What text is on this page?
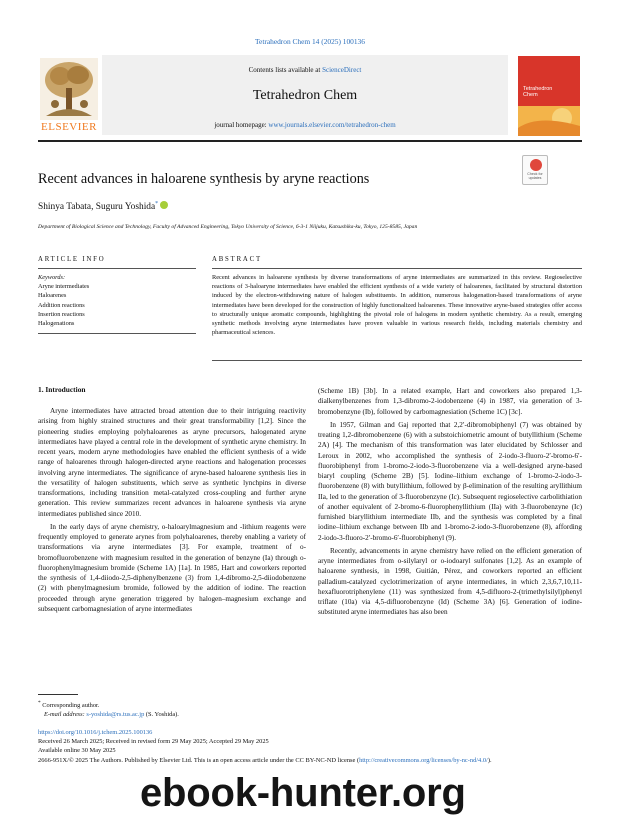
Tetrahedron Chem 14 (2025) 100136
Contents lists available at ScienceDirect
Tetrahedron Chem
journal homepage: www.journals.elsevier.com/tetrahedron-chem
ELSEVIER
Tetrahedron
Chem
Recent advances in haloarene synthesis by aryne reactions	Check for
updates
Shinya Tabata, Suguru Yoshida*
Department of Biological Science and Technology, Faculty of Advanced Engineering, Tokyo University of Science, 6-3-1 Niijuku, Katsushika-ku, Tokyo, 125-8585, Japan
ARTICLE INFO	ABSTRACT
Keywords:
Aryne intermediates
Haloarenes
Addition reactions
Insertion reactions
Halogenations
Recent advances in haloarene synthesis by diverse transformations of aryne intermediates are summarized in this review. Regioselective reactions of 3-haloaryne intermediates have enabled the efficient synthesis of a wide variety of haloarenes, facilitated by structural distortion induced by the electron-withdrawing nature of halogen substituents. In addition, numerous halogenation-based transformations of aryne intermediates have been developed for the construction of highly functionalized haloarenes. These innovative aryne-based strategies offer access to structurally unique aromatic compounds, highlighting the pivotal role of halogens in modern synthetic chemistry. As a result, emerging synthetic methods involving aryne intermediates have proven valuable in various research fields, including materials chemistry and pharmaceutical sciences.
1. Introduction

Aryne intermediates have attracted broad attention due to their intriguing reactivity arising from highly strained structures and their great transformability [1,2]. Since the pioneering studies employing polyhaloarenes as aryne precursors, halogenated aryne intermediates have played a central role in the development of synthetic aryne chemistry. In recent years, modern aryne methodologies have enabled the efficient synthesis of a wide range of haloarenes through halogen-directed aryne reactions and halogenation processes involving aryne intermediates. The significance of aryne-based haloarene synthesis lies in the versatility of halogen substituents, which serve as synthetic lynchpins in diverse transformations, including transition metal-catalyzed cross-coupling and further aryne generation. This review summarizes recent advances in haloarene synthesis via aryne intermediates published since 2010.

In the early days of aryne chemistry, o-haloarylmagnesium and -lithium reagents were frequently employed to generate arynes from polyhaloarenes, thereby enabling a variety of transformations via aryne intermediates [3]. For example, treatment of o-bromofluorobenzene with magnesium resulted in the generation of benzyne (Ia) through o-fluorophenylmagnesium bromide (Scheme 1A) [1a]. In 1985, Hart and coworkers reported the synthesis of 1,4-diiodo-2,5-diphenylbenzene (3) from 1,4-dibromo-2,5-diiodobenzene (2) with phenylmagnesium bromide, followed by the addition of iodine. The reaction proceeded through aryne generation triggered by halogen–magnesium exchange and subsequent carbomagnesiation of aryne intermediates

(Scheme 1B) [3b]. In a related example, Hart and coworkers also prepared 1,3-dialkenylbenzenes from 1,3-dibromo-2-iodobenzene (4) in 1987, via generation of 3-bromobenzyne (Ib), followed by carbomagnesiation (Scheme 1C) [3c].

In 1957, Gilman and Gaj reported that 2,2′-dibromobiphenyl (7) was obtained by treating 1,2-dibromobenzene (6) with a substoichiometric amount of butyllithium (Scheme 2A) [4]. The mechanism of this transformation was later elucidated by Schlosser and Leroux in 2002, who accomplished the synthesis of 2-iodo-3-fluoro-2′-bromo-6′-fluorobiphenyl from 1-bromo-2-iodo-3-fluorobenzene via a well-designed aryne-based biaryl coupling (Scheme 2B) [5]. Iodine–lithium exchange of 1-bromo-2-iodo-3-fluorobenzene (8) with butyllithium, followed by β-elimination of the resulting aryllithium IIa, led to the generation of 3-fluorobenzyne (Ic). Subsequent regioselective carbolithiation of another equivalent of 2-bromo-6-fluorophenyllithium (IIa) with 3-fluorobenzyne (Ic) furnished biaryllithium intermediate IIb, and the synthesis was completed by a final iodine–lithium exchange between IIb and 1-bromo-2-iodo-3-fluorobenzene (8), affording 2-iodo-3-fluoro-2′-bromo-6′-fluorobiphenyl (9).

Recently, advancements in aryne chemistry have relied on the efficient generation of aryne intermediates from o-silylaryl or o-iodoaryl sulfonates [1,2]. As an example of haloarene synthesis, in 1998, Guitián, Pérez, and coworkers reported an efficient palladium-catalyzed cyclotrimerization of aryne intermediates, in which 2,3,6,7,10,11-hexafluorotriphenylene (11) was synthesized from 4,5-difluoro-2-(trimethylsilyl)phenyl triflate (10a) via 4,5-difluorobenzyne (Id) (Scheme 3A) [6]. Generation of iodine-substituted aryne intermediates has also been

* Corresponding author.
E-mail address: s-yoshida@rs.tus.ac.jp (S. Yoshida).
https://doi.org/10.1016/j.tchem.2025.100136
Received 26 March 2025; Received in revised form 29 May 2025; Accepted 29 May 2025
Available online 30 May 2025
2666-951X/© 2025 The Authors. Published by Elsevier Ltd. This is an open access article under the CC BY-NC-ND license (http://creativecommons.org/licenses/by-nc-nd/4.0/).
ebook-hunter.org
